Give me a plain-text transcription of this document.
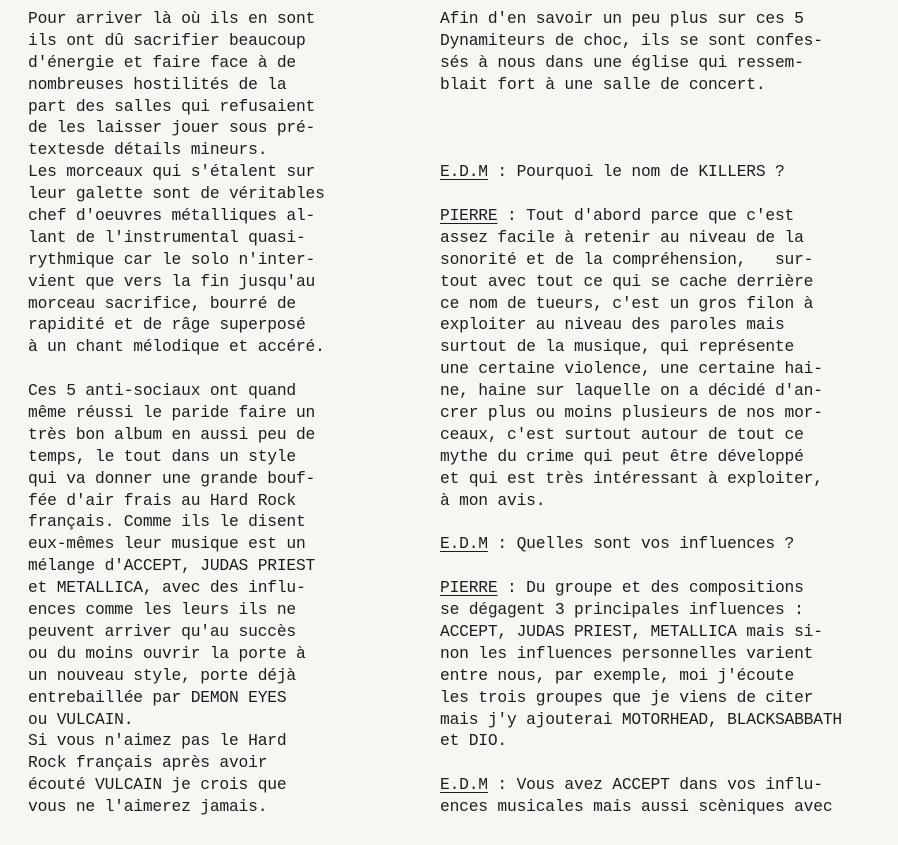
Pour arriver là où ils en sont
ils ont dû sacrifier beaucoup
d'énergie et faire face à de
nombreuses hostilités de la
part des salles qui refusaient
de les laisser jouer sous pré-
textesde détails mineurs.
Les morceaux qui s'étalent sur
leur galette sont de véritables
chef d'oeuvres métalliques al-
lant de l'instrumental quasi-
rythmique car le solo n'inter-
vient que vers la fin jusqu'au
morceau sacrifice, bourré de
rapidité et de râge superposé
à un chant mélodique et accéré.
Ces 5 anti-sociaux ont quand
même réussi le paride faire un
très bon album en aussi peu de
temps, le tout dans un style
qui va donner une grande bouf-
fée d'air frais au Hard Rock
français. Comme ils le disent
eux-mêmes leur musique est un
mélange d'ACCEPT, JUDAS PRIEST
et METALLICA, avec des influ-
ences comme les leurs ils ne
peuvent arriver qu'au succès
ou du moins ouvrir la porte à
un nouveau style, porte déjà
entrebaillée par DEMON EYES
ou VULCAIN.
Si vous n'aimez pas le Hard
Rock français après avoir
écouté VULCAIN je crois que
vous ne l'aimerez jamais.
Afin d'en savoir un peu plus sur ces 5
Dynamiteurs de choc, ils se sont confes-
sés à nous dans une église qui ressem-
blait fort à une salle de concert.
E.D.M : Pourquoi le nom de KILLERS ?
PIERRE : Tout d'abord parce que c'est
assez facile à retenir au niveau de la
sonorité et de la compréhension,   sur-
tout avec tout ce qui se cache derrière
ce nom de tueurs, c'est un gros filon à
exploiter au niveau des paroles mais
surtout de la musique, qui représente
une certaine violence, une certaine hai-
ne, haine sur laquelle on a décidé d'an-
crer plus ou moins plusieurs de nos mor-
ceaux, c'est surtout autour de tout ce
mythe du crime qui peut être développé
et qui est très intéressant à exploiter,
à mon avis.
E.D.M : Quelles sont vos influences ?
PIERRE : Du groupe et des compositions
se dégagent 3 principales influences :
ACCEPT, JUDAS PRIEST, METALLICA mais si-
non les influences personnelles varient
entre nous, par exemple, moi j'écoute
les trois groupes que je viens de citer
mais j'y ajouterai MOTORHEAD, BLACKSABBATH
et DIO.
E.D.M : Vous avez ACCEPT dans vos influ-
ences musicales mais aussi scèniques avec
